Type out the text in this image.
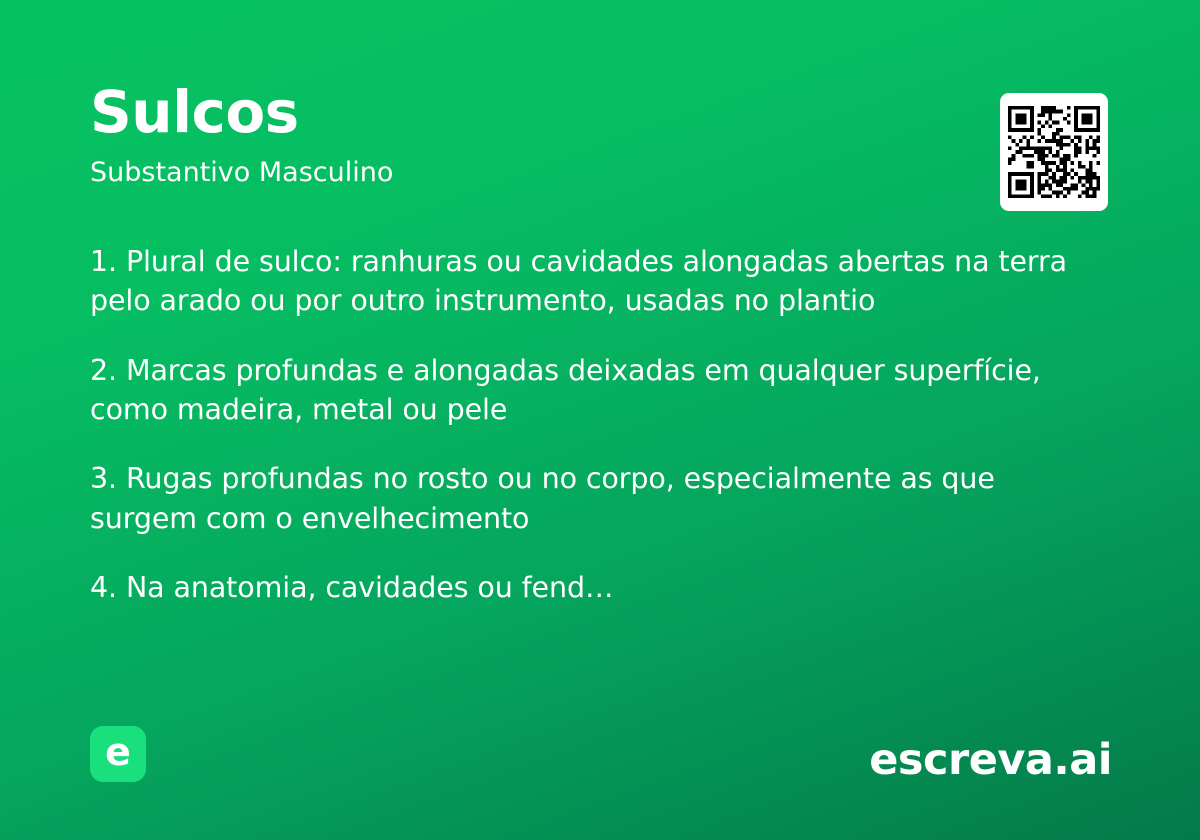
Sulcos

Substantivo Masculino

1. Plural de sulco: ranhuras ou cavidades alongadas abertas na terra pelo arado ou por outro instrumento, usadas no plantio

2. Marcas profundas e alongadas deixadas em qualquer superfície, como madeira, metal ou pele

3. Rugas profundas no rosto ou no corpo, especialmente as que surgem com o envelhecimento

4. Na anatomia, cavidades ou fend…

e	escreva.ai
